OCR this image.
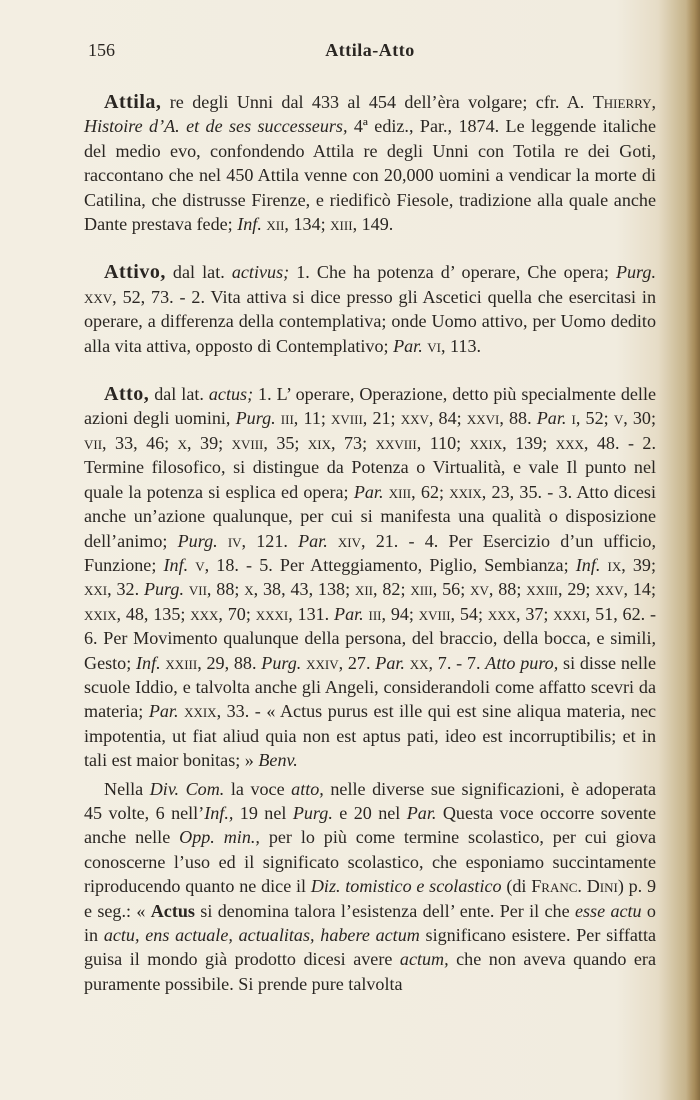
156	Attila-Atto

Attila, re degli Unni dal 433 al 454 dell’èra volgare; cfr. A. Thierry, Histoire d’A. et de ses successeurs, 4ª ediz., Par., 1874. Le leggende italiche del medio evo, confondendo Attila re degli Unni con Totila re dei Goti, raccontano che nel 450 Attila venne con 20,000 uomini a vendicar la morte di Catilina, che distrusse Firenze, e riedificò Fiesole, tradizione alla quale anche Dante prestava fede; Inf. xii, 134; xiii, 149.

Attivo, dal lat. activus; 1. Che ha potenza d’ operare, Che opera; Purg. xxv, 52, 73. - 2. Vita attiva si dice presso gli Ascetici quella che esercitasi in operare, a differenza della contemplativa; onde Uomo attivo, per Uomo dedito alla vita attiva, opposto di Contemplativo; Par. vi, 113.

Atto, dal lat. actus; 1. L’ operare, Operazione, detto più specialmente delle azioni degli uomini, Purg. iii, 11; xviii, 21; xxv, 84; xxvi, 88. Par. i, 52; v, 30; vii, 33, 46; x, 39; xviii, 35; xix, 73; xxviii, 110; xxix, 139; xxx, 48. - 2. Termine filosofico, si distingue da Potenza o Virtualità, e vale Il punto nel quale la potenza si esplica ed opera; Par. xiii, 62; xxix, 23, 35. - 3. Atto dicesi anche un’azione qualunque, per cui si manifesta una qualità o disposizione dell’animo; Purg. iv, 121. Par. xiv, 21. - 4. Per Esercizio d’un ufficio, Funzione; Inf. v, 18. - 5. Per Atteggiamento, Piglio, Sembianza; Inf. ix, 39; xxi, 32. Purg. vii, 88; x, 38, 43, 138; xii, 82; xiii, 56; xv, 88; xxiii, 29; xxv, 14; xxix, 48, 135; xxx, 70; xxxi, 131. Par. iii, 94; xviii, 54; xxx, 37; xxxi, 51, 62. - 6. Per Movimento qualunque della persona, del braccio, della bocca, e simili, Gesto; Inf. xxiii, 29, 88. Purg. xxiv, 27. Par. xx, 7. - 7. Atto puro, si disse nelle scuole Iddio, e talvolta anche gli Angeli, considerandoli come affatto scevri da materia; Par. xxix, 33. - « Actus purus est ille qui est sine aliqua materia, nec impotentia, ut fiat aliud quia non est aptus pati, ideo est incorruptibilis; et in tali est maior bonitas; » Benv.

Nella Div. Com. la voce atto, nelle diverse sue significazioni, è adoperata 45 volte, 6 nell’Inf., 19 nel Purg. e 20 nel Par. Questa voce occorre sovente anche nelle Opp. min., per lo più come termine scolastico, per cui giova conoscerne l’uso ed il significato scolastico, che esponiamo succintamente riproducendo quanto ne dice il Diz. tomistico e scolastico (di Franc. Dini) p. 9 e seg.: « Actus si denomina talora l’esistenza dell’ ente. Per il che esse actu o in actu, ens actuale, actualitas, habere actum significano esistere. Per siffatta guisa il mondo già prodotto dicesi avere actum, che non aveva quando era puramente possibile. Si prende pure talvolta
